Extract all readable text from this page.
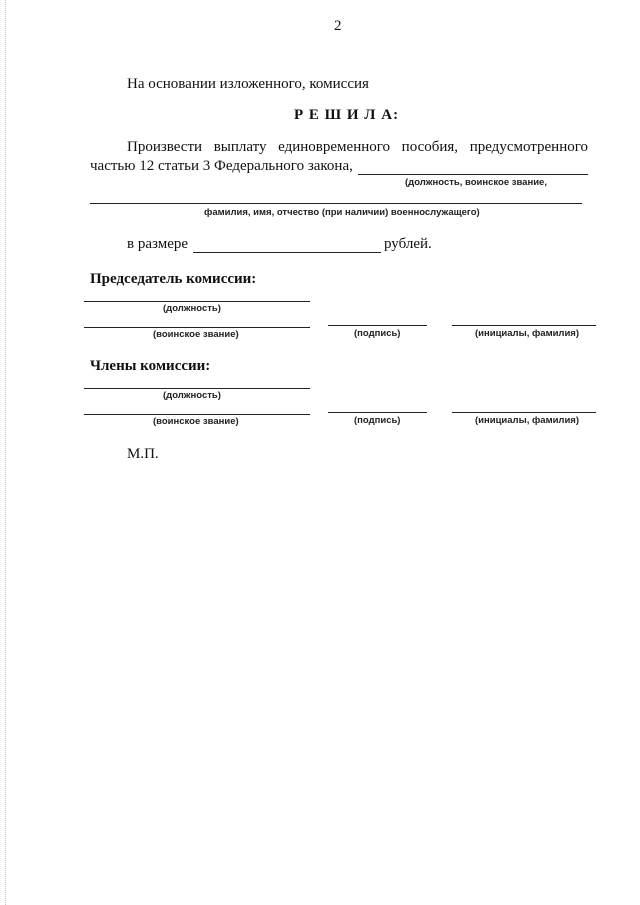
2
На основании изложенного, комиссия
Р Е Ш И Л А:
Произвести выплату единовременного пособия, предусмотренного
частью 12 статьи 3 Федерального закона,
(должность, воинское звание,
фамилия, имя, отчество (при наличии) военнослужащего)
в размере	рублей.
Председатель комиссии:
(должность)
(воинское звание)	(подпись)	(инициалы, фамилия)
Члены комиссии:
(должность)
(воинское звание)	(подпись)	(инициалы, фамилия)
М.П.
